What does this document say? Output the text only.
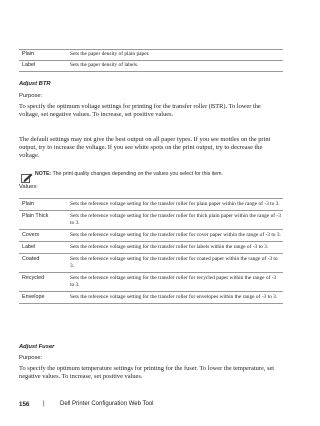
Plain	Sets the paper density of plain paper.
Label	Sets the paper density of labels.
Adjust BTR
Purpose:
To specify the optimum voltage settings for printing for the transfer roller (BTR). To lower the voltage, set negative values. To increase, set positive values.
The default settings may not give the best output on all paper types. If you see mottles on the print output, try to increase the voltage. If you see white spots on the print output, try to decrease the voltage.
NOTE: The print quality changes depending on the values you select for this item.
Values:
Plain	Sets the reference voltage setting for the transfer roller for plain paper within the range of -3 to 3.
Plain Thick	Sets the reference voltage setting for the transfer roller for thick plain paper within the range of -3 to 3.
Covers	Sets the reference voltage setting for the transfer roller for cover paper within the range of -3 to 3.
Label	Sets the reference voltage setting for the transfer roller for labels within the range of -3 to 3.
Coated	Sets the reference voltage setting for the transfer roller for coated paper within the range of -3 to 3.
Recycled	Sets the reference voltage setting for the transfer roller for recycled paper within the range of -3 to 3.
Envelope	Sets the reference voltage setting for the transfer roller for envelopes within the range of -3 to 3.
Adjust Fuser
Purpose:
To specify the optimum temperature settings for printing for the fuser. To lower the temperature, set negative values. To increase, set positive values.
156 |	Dell Printer Configuration Web Tool
